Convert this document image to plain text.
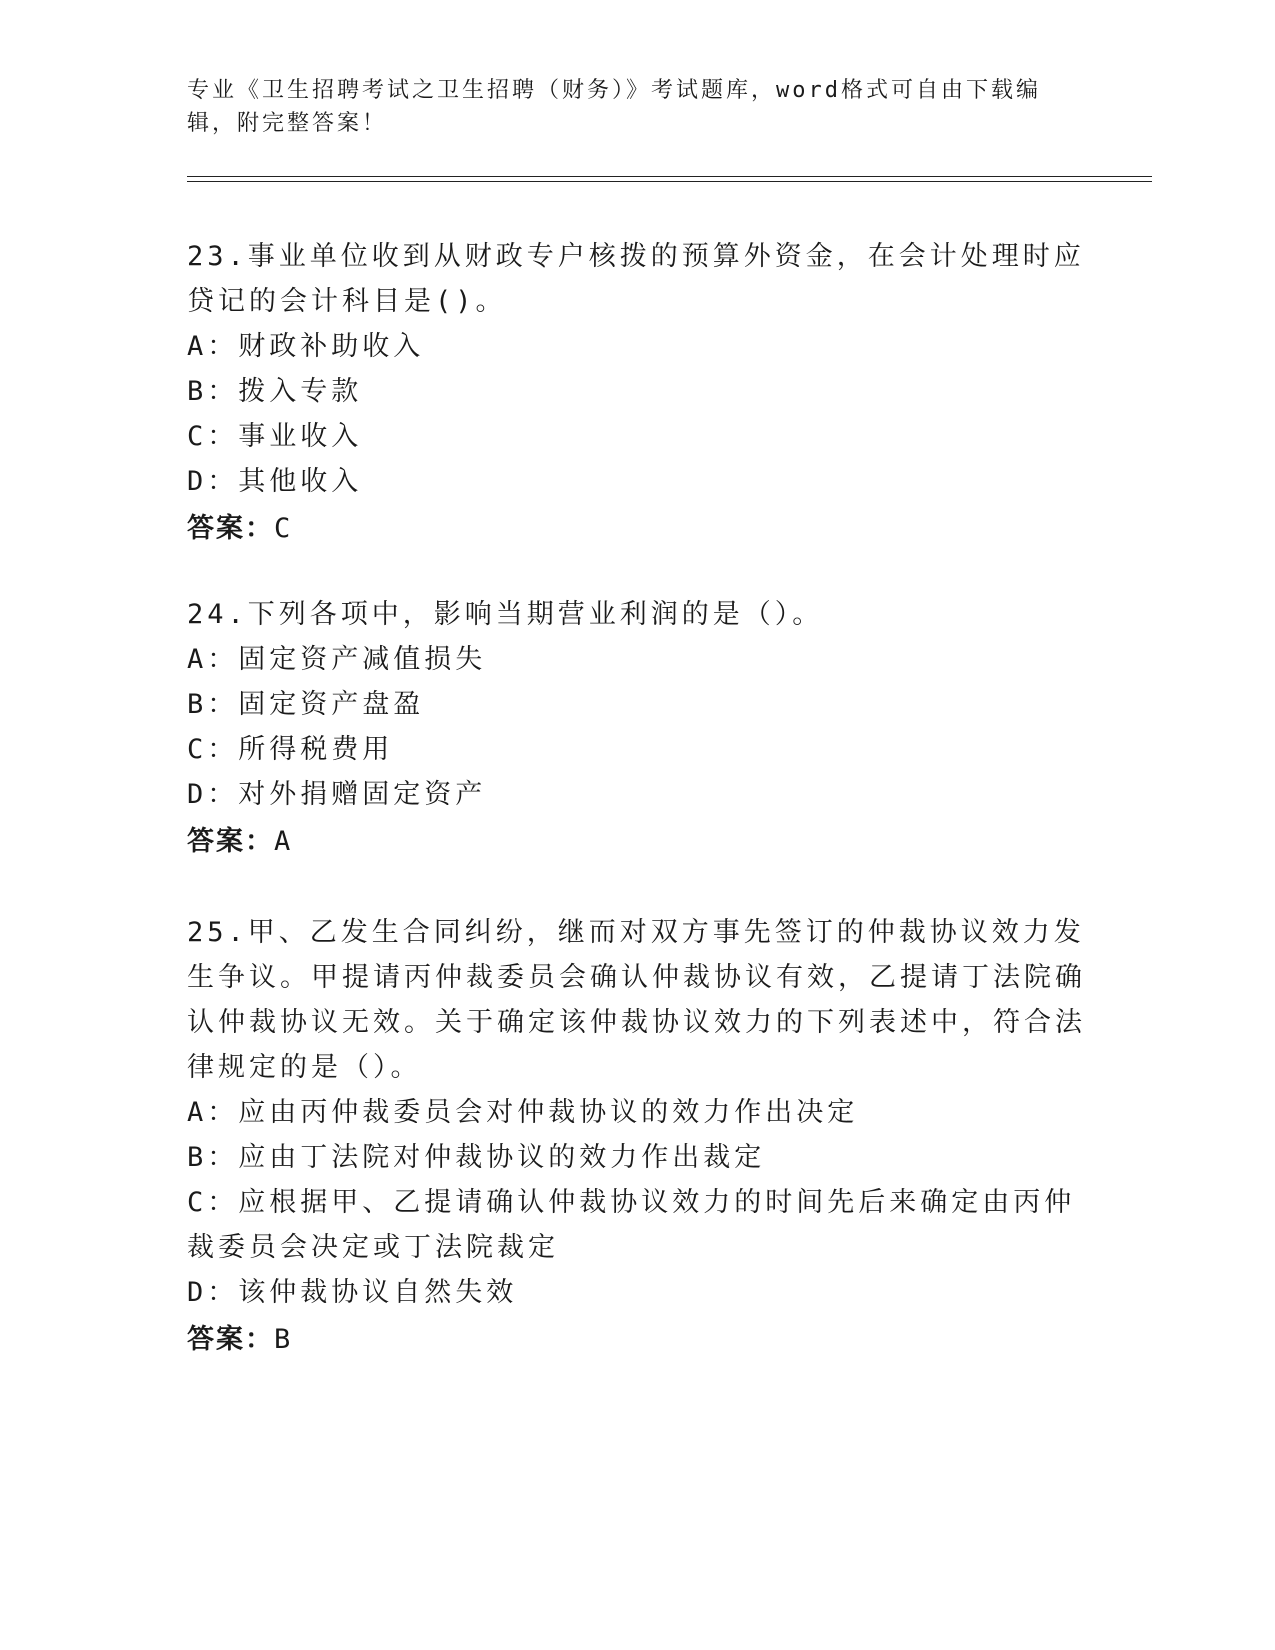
专业《卫生招聘考试之卫生招聘（财务）》考试题库，word格式可自由下载编辑，附完整答案！

23.事业单位收到从财政专户核拨的预算外资金，在会计处理时应贷记的会计科目是()。

A：财政补助收入

B：拨入专款

C：事业收入

D：其他收入

答案：C

24.下列各项中，影响当期营业利润的是（）。

A：固定资产减值损失

B：固定资产盘盈

C：所得税费用

D：对外捐赠固定资产

答案：A

25.甲、乙发生合同纠纷，继而对双方事先签订的仲裁协议效力发生争议。甲提请丙仲裁委员会确认仲裁协议有效，乙提请丁法院确认仲裁协议无效。关于确定该仲裁协议效力的下列表述中，符合法律规定的是（）。

A：应由丙仲裁委员会对仲裁协议的效力作出决定

B：应由丁法院对仲裁协议的效力作出裁定

C：应根据甲、乙提请确认仲裁协议效力的时间先后来确定由丙仲裁委员会决定或丁法院裁定

D：该仲裁协议自然失效

答案：B
